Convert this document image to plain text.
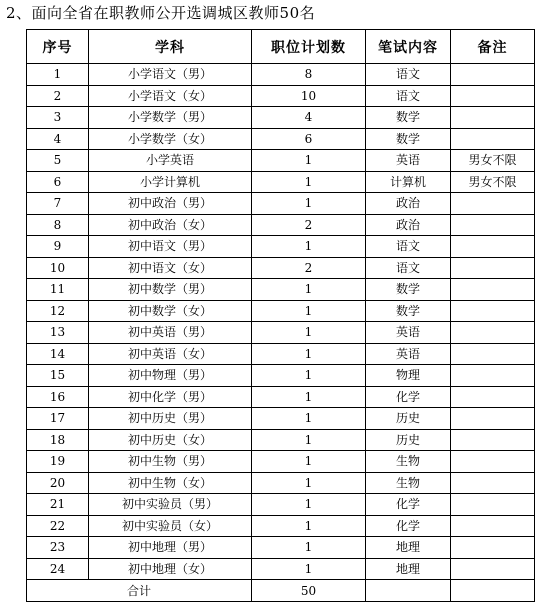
2、面向全省在职教师公开选调城区教师50名
序号	学科	职位计划数	笔试内容	备注
1	小学语文（男）	8	语文	
2	小学语文（女）	10	语文	
3	小学数学（男）	4	数学	
4	小学数学（女）	6	数学	
5	小学英语	1	英语	男女不限
6	小学计算机	1	计算机	男女不限
7	初中政治（男）	1	政治	
8	初中政治（女）	2	政治	
9	初中语文（男）	1	语文	
10	初中语文（女）	2	语文	
11	初中数学（男）	1	数学	
12	初中数学（女）	1	数学	
13	初中英语（男）	1	英语	
14	初中英语（女）	1	英语	
15	初中物理（男）	1	物理	
16	初中化学（男）	1	化学	
17	初中历史（男）	1	历史	
18	初中历史（女）	1	历史	
19	初中生物（男）	1	生物	
20	初中生物（女）	1	生物	
21	初中实验员（男）	1	化学	
22	初中实验员（女）	1	化学	
23	初中地理（男）	1	地理	
24	初中地理（女）	1	地理	
合计		50		
